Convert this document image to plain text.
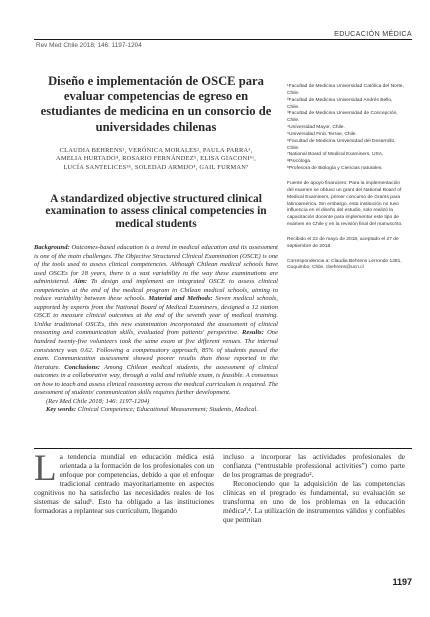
EDUCACIÓN MÉDICA
Rev Med Chile 2018; 146: 1197-1204
Diseño e implementación de OSCE para evaluar competencias de egreso en estudiantes de medicina en un consorcio de universidades chilenas
CLAUDIA BEHRENS¹, VERÓNICA MORALES², PAULA PARRA³,
AMELIA HURTADO⁴, ROSARIO FERNÁNDEZ⁵, ELISA GIACONI⁶ᵃ,
LUCÍA SANTELICES⁵ᵇ, SOLEDAD ARMIJO⁴, GAIL FURMAN⁷
A standardized objective structured clinical examination to assess clinical competencies in medical students

Background: Outcomes-based education is a trend in medical education and its assessment is one of the main challenges. The Objective Structured Clinical Examination (OSCE) is one of the tools used to assess clinical competencies. Although Chilean medical schools have used OSCEs for 18 years, there is a vast variability in the way these examinations are administered. Aim: To design and implement an integrated OSCE to assess clinical competencies at the end of the medical program in Chilean medical schools, aiming to reduce variability between these schools. Material and Methods: Seven medical schools, supported by experts from the National Board of Medical Examiners, designed a 12 station OSCE to measure clinical outcomes at the end of the seventh year of medical training. Unlike traditional OSCEs, this new examination incorporated the assessment of clinical reasoning and communication skills, evaluated from patients' perspective. Results: One hundred twenty-five volunteers took the same exam at five different venues. The internal consistency was 0.62. Following a compensatory approach, 85% of students passed the exam. Communication assessment showed poorer results than those reported in the literature. Conclusions: Among Chilean medical students, the assessment of clinical outcomes in a collaborative way, through a valid and reliable exam, is feasible. A consensus on how to teach and assess clinical reasoning across the medical curriculum is required. The assessment of students' communication skills requires further development.

(Rev Med Chile 2018; 146: 1197-1204)

Key words: Clinical Competence; Educational Measurement; Students, Medical.

¹Facultad de Medicina Universidad Católica del Norte, Chile.
²Facultad de Medicina Universidad Andrés Bello, Chile.
³Facultad de Medicina Universidad de Concepción, Chile.
⁴Universidad Mayor, Chile.
⁵Universidad Finis Terrae, Chile.
⁶Facultad de Medicina Universidad del Desarrollo, Chile.
⁷National Board of Medical Examiners, USA.
ᵃPsicóloga.
ᵇProfesora de Biología y Ciencias naturales.

Fuente de apoyo financiero: Para la implementación del examen se obtuvo un grant del National Board of Medical Examiners, primer concurso de Grants para latinoamérica. Sin embargo, esta institución no tuvo influencia en el diseño del estudio, solo realizó la capacitación docente para implementar este tipo de examen en Chile y en la revisión final del manuscrito.

Recibido el 22 de mayo de 2018, aceptado el 27 de septiembre de 2018.

Correspondencia a: Claudia Behrens Lerrondo 1281, Coquimbo, Chile. cbehrens@ucn.cl

La tendencia mundial en educación médica está orientada a la formación de los profesionales con un enfoque por competencias, debido a que el enfoque tradicional centrado mayoritariamente en aspectos cognitivos no ha satisfecho las necesidades reales de los sistemas de salud¹. Esto ha obligado a las instituciones formadoras a replantear sus currículum, llegando

incluso a incorporar las actividades profesionales de confianza (“entrustable professional activities”) como parte de los programas de pregrado².

Reconociendo que la adquisición de las competencias clínicas en el pregrado es fundamental, su evaluación se transforma en uno de los problemas en la educación médica³,⁴. La utilización de instrumentos válidos y confiables que permitan

1197
